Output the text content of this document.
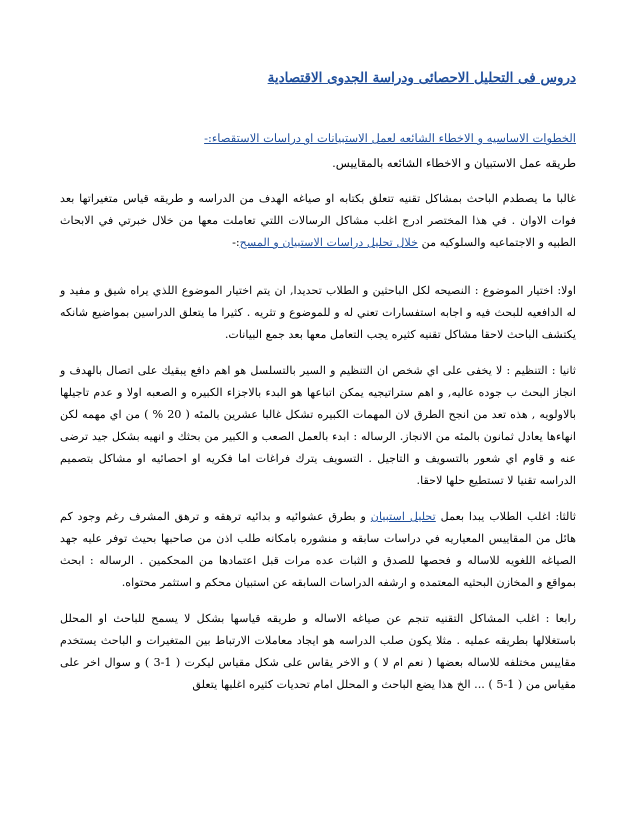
دروس فى التحليل الاحصائى ودراسة الجدوى الاقتصادية
الخطوات الاساسيه و الاخطاء الشائعه لعمل الاستبيانات او دراسات الاستقصاء:-
طريقه عمل الاستبيان و الاخطاء الشائعه بالمقاييس.

غالبا ما يصطدم الباحث بمشاكل تقنيه تتعلق بكتابه او صياغه الهدف من الدراسه و طريقه قياس متغيراتها بعد فوات الاوان . في هذا المختصر ادرج اغلب مشاكل الرسالات اللتي تعاملت معها من خلال خبرتي في الابحاث الطبيه و الاجتماعيه والسلوكيه من خلال تحليل دراسات الاستبيان و المسح:-

اولا: اختيار الموضوع : النصيحه لكل الباحثين و الطلاب تحديدا, ان يتم اختيار الموضوع اللذي يراه شيق و مفيد و له الدافعيه للبحث فيه و اجابه استفسارات تعني له و للموضوع و تثريه . كثيرا ما يتعلق الدراسين بمواضيع شانكه يكتشف الباحث لاحقا مشاكل تقنيه كثيره يجب التعامل معها بعد جمع البيانات.

ثانيا : التنظيم : لا يخفى على اي شخص ان التنظيم و السير بالتسلسل هو اهم دافع يبقيك على اتصال بالهدف و انجاز البحث ب جوده عاليه, و اهم ستراتيجيه يمكن اتباعها هو البدء بالاجزاء الكبيره و الصعبه اولا و عدم تاجيلها بالاولويه , هذه تعد من انجح الطرق لان المهمات الكبيره تشكل غالبا عشرين بالمئه ( 20 % ) من اي مهمه لكن انهاءها يعادل ثمانون بالمئه من الانجاز. الرساله : ابدء بالعمل الصعب و الكبير من بحثك و انهيه بشكل جيد ترضى عنه و قاوم اي شعور بالتسويف و التاجيل . التسويف يترك فراغات اما فكريه او احصائيه او مشاكل بتصميم الدراسه تقنيا لا تستطيع حلها لاحقا.

ثالثا: اغلب الطلاب يبدا بعمل تحليل استبيان و بطرق عشوائيه و بدائيه ترهقه و ترهق المشرف رغم وجود كم هائل من المقاييس المعياريه في دراسات سابقه و منشوره بامكانه طلب اذن من صاحبها بحيث توفر عليه جهد الصياغه اللغويه للاساله و فحصها للصدق و الثبات عده مرات قبل اعتمادها من المحكمين . الرساله : ابحث بمواقع و المخازن البحثيه المعتمده و ارشفه الدراسات السابقه عن استبيان محكم و استثمر محتواه.

رابعا : اغلب المشاكل التقنيه تنجم عن صياغه الاساله و طريقه قياسها بشكل لا يسمح للباحث او المحلل باستغلالها بطريقه عمليه . مثلا يكون صلب الدراسه هو ايجاد معاملات الارتباط بين المتغيرات و الباحث يستخدم مقاييس مختلفه للاساله بعضها ( نعم ام لا ) و الاخر يقاس على شكل مقياس ليكرت ( 1-3 ) و سوال اخر على مقياس من ( 1-5 ) ... الخ هذا يضع الباحث و المحلل امام تحديات كثيره اغلبها يتعلق
